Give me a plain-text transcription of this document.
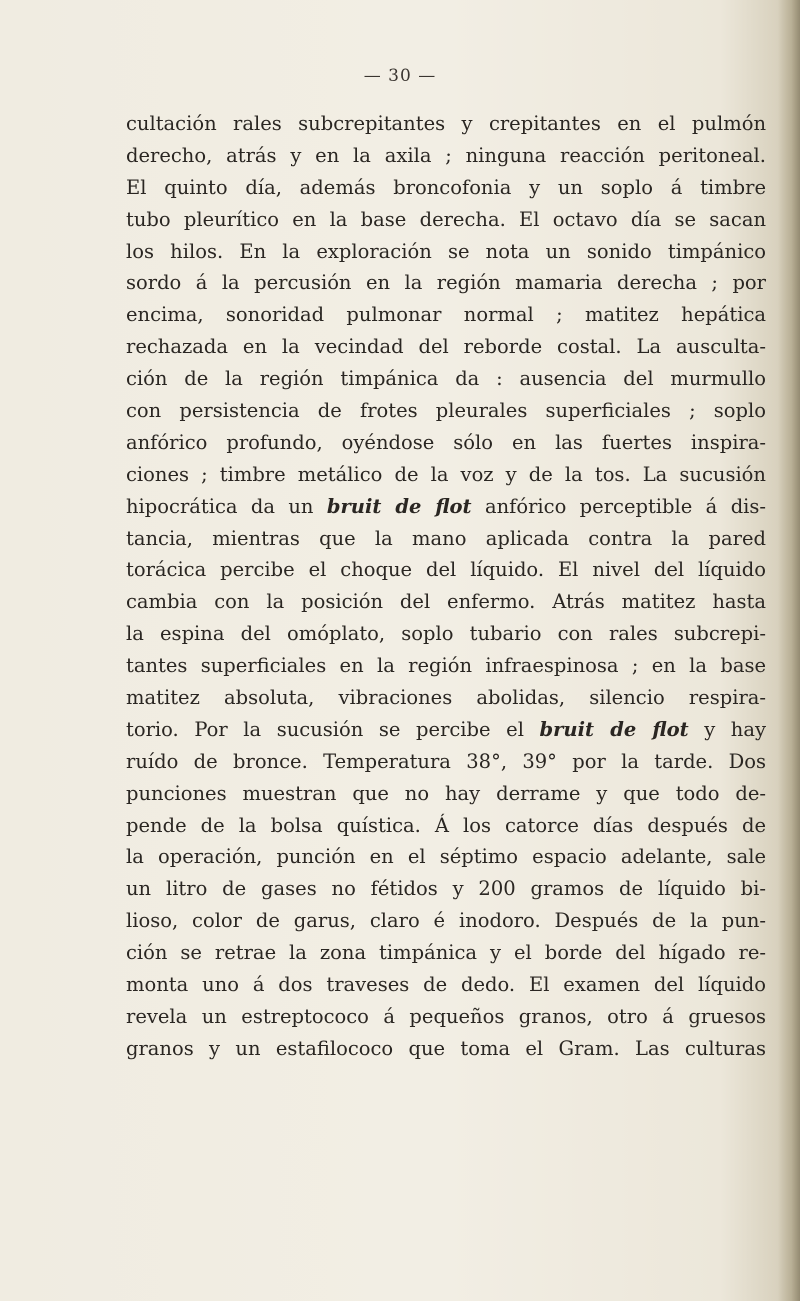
— 30 —
cultación rales subcrepitantes y crepitantes en el pulmón
derecho, atrás y en la axila ; ninguna reacción peritoneal.
El quinto día, además broncofonia y un soplo á timbre
tubo pleurítico en la base derecha. El octavo día se sacan
los hilos. En la exploración se nota un sonido timpánico
sordo á la percusión en la región mamaria derecha ; por
encima, sonoridad pulmonar normal ; matitez hepática
rechazada en la vecindad del reborde costal. La ausculta-
ción de la región timpánica da : ausencia del murmullo
con persistencia de frotes pleurales superficiales ; soplo
anfórico profundo, oyéndose sólo en las fuertes inspira-
ciones ; timbre metálico de la voz y de la tos. La sucusión
hipocrática da un bruit de flot anfórico perceptible á dis-
tancia, mientras que la mano aplicada contra la pared
torácica percibe el choque del líquido. El nivel del líquido
cambia con la posición del enfermo. Atrás matitez hasta
la espina del omóplato, soplo tubario con rales subcrepi-
tantes superficiales en la región infraespinosa ; en la base
matitez absoluta, vibraciones abolidas, silencio respira-
torio. Por la sucusión se percibe el bruit de flot y hay
ruído de bronce. Temperatura 38°, 39° por la tarde. Dos
punciones muestran que no hay derrame y que todo de-
pende de la bolsa quística. Á los catorce días después de
la operación, punción en el séptimo espacio adelante, sale
un litro de gases no fétidos y 200 gramos de líquido bi-
lioso, color de garus, claro é inodoro. Después de la pun-
ción se retrae la zona timpánica y el borde del hígado re-
monta uno á dos traveses de dedo. El examen del líquido
revela un estreptococo á pequeños granos, otro á gruesos
granos y un estafilococo que toma el Gram. Las culturas
